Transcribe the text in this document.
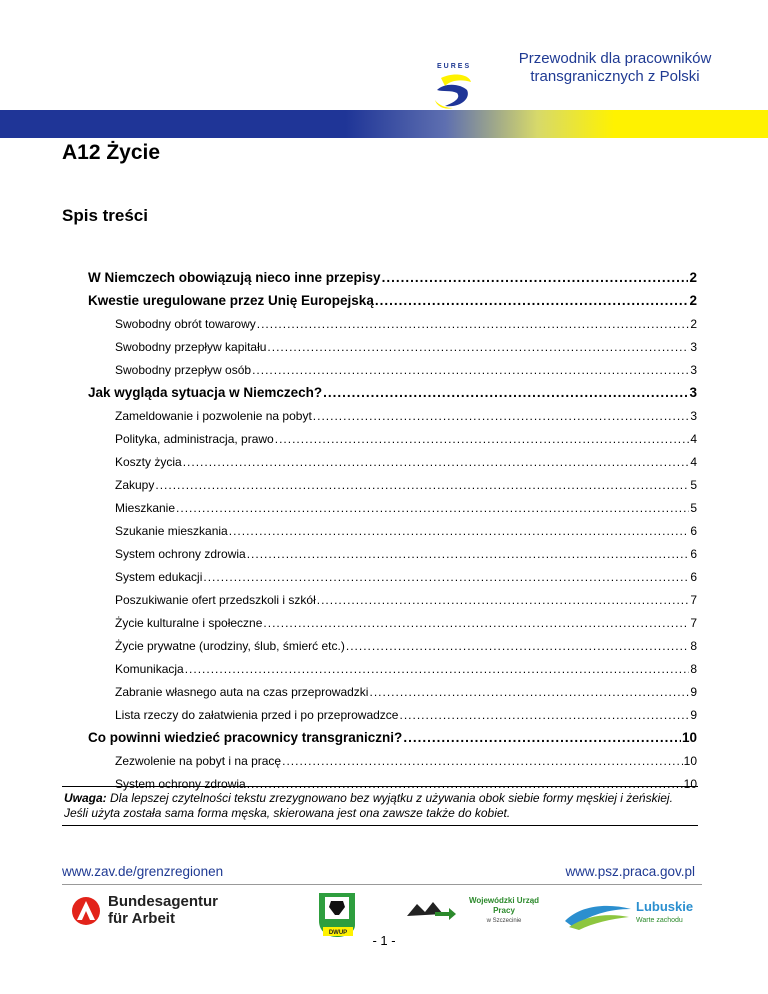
EURES	Przewodnik dla pracowników
transgranicznych z Polski
A12 Życie
Spis treści
W Niemczech obowiązują nieco inne przepisy .....	2
Kwestie uregulowane przez Unię Europejską .....	2
Swobodny obrót towarowy .....	2
Swobodny przepływ kapitału .....	3
Swobodny przepływ osób .....	3
Jak wygląda sytuacja w Niemczech? .....	3
Zameldowanie i pozwolenie na pobyt .....	3
Polityka, administracja, prawo .....	4
Koszty życia .....	4
Zakupy .....	5
Mieszkanie .....	5
Szukanie mieszkania .....	6
System ochrony zdrowia .....	6
System edukacji .....	6
Poszukiwanie ofert przedszkoli i szkół .....	7
Życie kulturalne i społeczne .....	7
Życie prywatne (urodziny, ślub, śmierć etc.) .....	8
Komunikacja .....	8
Zabranie własnego auta na czas przeprowadzki .....	9
Lista rzeczy do załatwienia przed i po przeprowadzce .....	9
Co powinni wiedzieć pracownicy transgraniczni? .....	10
Zezwolenie na pobyt i na pracę .....	10
System ochrony zdrowia .....	10
Uwaga: Dla lepszej czytelności tekstu zrezygnowano bez wyjątku z używania obok siebie formy męskiej i żeńskiej. Jeśli użyta została sama forma męska, skierowana jest ona zawsze także do kobiet.
www.zav.de/grenzregionen	www.psz.praca.gov.pl
Bundesagentur
für Arbeit
DWUP
Wojewódzki Urząd Pracy
w Szczecinie
Lubuskie
Warte zachodu
- 1 -
